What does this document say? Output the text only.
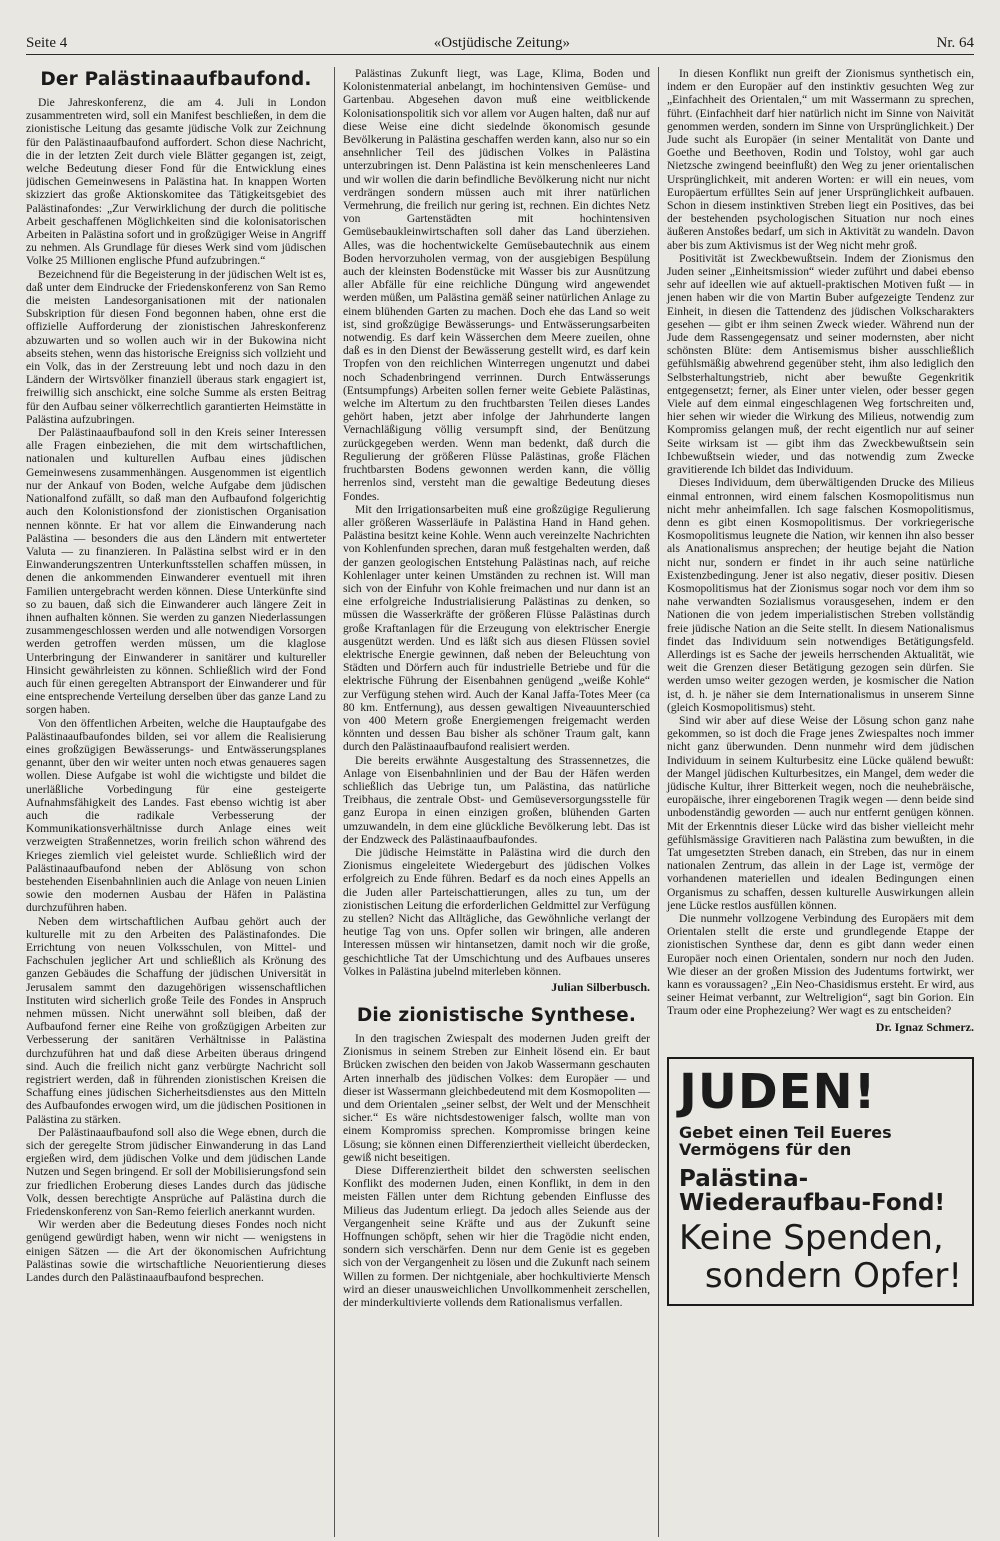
Seite 4	«Ostjüdische Zeitung»	Nr. 64
Der Palästinaaufbaufond.

Die Jahreskonferenz, die am 4. Juli in London zusammentreten wird, soll ein Manifest beschließen, in dem die zionistische Leitung das gesamte jüdische Volk zur Zeichnung für den Palästinaaufbaufond auffordert. Schon diese Nachricht, die in der letzten Zeit durch viele Blätter gegangen ist, zeigt, welche Bedeutung dieser Fond für die Entwicklung eines jüdischen Gemeinwesens in Palästina hat. In knappen Worten skizziert das große Aktionskomitee das Tätigkeitsgebiet des Palästinafondes: „Zur Verwirklichung der durch die politische Arbeit geschaffenen Möglichkeiten sind die kolonisatorischen Arbeiten in Palästina sofort und in großzügiger Weise in Angriff zu nehmen. Als Grundlage für dieses Werk sind vom jüdischen Volke 25 Millionen englische Pfund aufzubringen.“

Bezeichnend für die Begeisterung in der jüdischen Welt ist es, daß unter dem Eindrucke der Friedenskonferenz von San Remo die meisten Landesorganisationen mit der nationalen Subskription für diesen Fond begonnen haben, ohne erst die offizielle Aufforderung der zionistischen Jahreskonferenz abzuwarten und so wollen auch wir in der Bukowina nicht abseits stehen, wenn das historische Ereigniss sich vollzieht und ein Volk, das in der Zerstreuung lebt und noch dazu in den Ländern der Wirtsvölker finanziell überaus stark engagiert ist, freiwillig sich anschickt, eine solche Summe als ersten Beitrag für den Aufbau seiner völkerrechtlich garantierten Heimstätte in Palästina aufzubringen.

Der Palästinaaufbaufond soll in den Kreis seiner Interessen alle Fragen einbeziehen, die mit dem wirtschaftlichen, nationalen und kulturellen Aufbau eines jüdischen Gemeinwesens zusammenhängen. Ausgenommen ist eigentlich nur der Ankauf von Boden, welche Aufgabe dem jüdischen Nationalfond zufällt, so daß man den Aufbaufond folgerichtig auch den Kolonistionsfond der zionistischen Organisation nennen könnte. Er hat vor allem die Einwanderung nach Palästina — besonders die aus den Ländern mit entwerteter Valuta — zu finanzieren. In Palästina selbst wird er in den Einwanderungszentren Unterkunftsstellen schaffen müssen, in denen die ankommenden Einwanderer eventuell mit ihren Familien untergebracht werden können. Diese Unterkünfte sind so zu bauen, daß sich die Einwanderer auch längere Zeit in ihnen aufhalten können. Sie werden zu ganzen Niederlassungen zusammengeschlossen werden und alle notwendigen Vorsorgen werden getroffen werden müssen, um die klaglose Unterbringung der Einwanderer in sanitärer und kultureller Hinsicht gewährleisten zu können. Schließlich wird der Fond auch für einen geregelten Abtransport der Einwanderer und für eine entsprechende Verteilung derselben über das ganze Land zu sorgen haben.

Von den öffentlichen Arbeiten, welche die Hauptaufgabe des Palästinaaufbaufondes bilden, sei vor allem die Realisierung eines großzügigen Bewässerungs- und Entwässerungsplanes genannt, über den wir weiter unten noch etwas genaueres sagen wollen. Diese Aufgabe ist wohl die wichtigste und bildet die unerläßliche Vorbedingung für eine gesteigerte Aufnahmsfähigkeit des Landes. Fast ebenso wichtig ist aber auch die radikale Verbesserung der Kommunikationsverhältnisse durch Anlage eines weit verzweigten Straßennetzes, worin freilich schon während des Krieges ziemlich viel geleistet wurde. Schließlich wird der Palästinaaufbaufond neben der Ablösung von schon bestehenden Eisenbahnlinien auch die Anlage von neuen Linien sowie den modernen Ausbau der Häfen in Palästina durchzuführen haben.

Neben dem wirtschaftlichen Aufbau gehört auch der kulturelle mit zu den Arbeiten des Palästinafondes. Die Errichtung von neuen Volksschulen, von Mittel- und Fachschulen jeglicher Art und schließlich als Krönung des ganzen Gebäudes die Schaffung der jüdischen Universität in Jerusalem sammt den dazugehörigen wissenschaftlichen Instituten wird sicherlich große Teile des Fondes in Anspruch nehmen müssen. Nicht unerwähnt soll bleiben, daß der Aufbaufond ferner eine Reihe von großzügigen Arbeiten zur Verbesserung der sanitären Verhältnisse in Palästina durchzuführen hat und daß diese Arbeiten überaus dringend sind. Auch die freilich nicht ganz verbürgte Nachricht soll registriert werden, daß in führenden zionistischen Kreisen die Schaffung eines jüdischen Sicherheitsdienstes aus den Mitteln des Aufbaufondes erwogen wird, um die jüdischen Positionen in Palästina zu stärken.

Der Palästinaaufbaufond soll also die Wege ebnen, durch die sich der geregelte Strom jüdischer Einwanderung in das Land ergießen wird, dem jüdischen Volke und dem jüdischen Lande Nutzen und Segen bringend. Er soll der Mobilisierungsfond sein zur friedlichen Eroberung dieses Landes durch das jüdische Volk, dessen berechtigte Ansprüche auf Palästina durch die Friedenskonferenz von San-Remo feierlich anerkannt wurden.

Wir werden aber die Bedeutung dieses Fondes noch nicht genügend gewürdigt haben, wenn wir nicht — wenigstens in einigen Sätzen — die Art der ökonomischen Aufrichtung Palästinas sowie die wirtschaftliche Neuorientierung dieses Landes durch den Palästinaaufbaufond besprechen.

Palästinas Zukunft liegt, was Lage, Klima, Boden und Kolonistenmaterial anbelangt, im hochintensiven Gemüse- und Gartenbau. Abgesehen davon muß eine weitblickende Kolonisationspolitik sich vor allem vor Augen halten, daß nur auf diese Weise eine dicht siedelnde ökonomisch gesunde Bevölkerung in Palästina geschaffen werden kann, also nur so ein ansehnlicher Teil des jüdischen Volkes in Palästina unterzubringen ist. Denn Palästina ist kein menschenleeres Land und wir wollen die darin befindliche Bevölkerung nicht nur nicht verdrängen sondern müssen auch mit ihrer natürlichen Vermehrung, die freilich nur gering ist, rechnen. Ein dichtes Netz von Gartenstädten mit hochintensiven Gemüsebaukleinwirtschaften soll daher das Land überziehen. Alles, was die hochentwickelte Gemüsebautechnik aus einem Boden hervorzuholen vermag, von der ausgiebigen Bespülung auch der kleinsten Bodenstücke mit Wasser bis zur Ausnützung aller Abfälle für eine reichliche Düngung wird angewendet werden müßen, um Palästina gemäß seiner natürlichen Anlage zu einem blühenden Garten zu machen. Doch ehe das Land so weit ist, sind großzügige Bewässerungs- und Entwässerungsarbeiten notwendig. Es darf kein Wässerchen dem Meere zueilen, ohne daß es in den Dienst der Bewässerung gestellt wird, es darf kein Tropfen von den reichlichen Winterregen ungenutzt und dabei noch Schadenbringend verrinnen. Durch Entwässerungs (Entsumpfungs) Arbeiten sollen ferner weite Gebiete Palästinas, welche im Altertum zu den fruchtbarsten Teilen dieses Landes gehört haben, jetzt aber infolge der Jahrhunderte langen Vernachläßigung völlig versumpft sind, der Benützung zurückgegeben werden. Wenn man bedenkt, daß durch die Regulierung der größeren Flüsse Palästinas, große Flächen fruchtbarsten Bodens gewonnen werden kann, die völlig herrenlos sind, versteht man die gewaltige Bedeutung dieses Fondes.

Mit den Irrigationsarbeiten muß eine großzügige Regulierung aller größeren Wasserläufe in Palästina Hand in Hand gehen. Palästina besitzt keine Kohle. Wenn auch vereinzelte Nachrichten von Kohlenfunden sprechen, daran muß festgehalten werden, daß der ganzen geologischen Entstehung Palästinas nach, auf reiche Kohlenlager unter keinen Umständen zu rechnen ist. Will man sich von der Einfuhr von Kohle freimachen und nur dann ist an eine erfolgreiche Industrialisierung Palästinas zu denken, so müssen die Wasserkräfte der größeren Flüsse Palästinas durch große Kraftanlagen für die Erzeugung von elektrischer Energie ausgenützt werden. Und es läßt sich aus diesen Flüssen soviel elektrische Energie gewinnen, daß neben der Beleuchtung von Städten und Dörfern auch für industrielle Betriebe und für die elektrische Führung der Eisenbahnen genügend „weiße Kohle“ zur Verfügung stehen wird. Auch der Kanal Jaffa-Totes Meer (ca 80 km. Entfernung), aus dessen gewaltigen Niveauunterschied von 400 Metern große Energiemengen freigemacht werden könnten und dessen Bau bisher als schöner Traum galt, kann durch den Palästinaaufbaufond realisiert werden.

Die bereits erwähnte Ausgestaltung des Strassennetzes, die Anlage von Eisenbahnlinien und der Bau der Häfen werden schließlich das Uebrige tun, um Palästina, das natürliche Treibhaus, die zentrale Obst- und Gemüseversorgungsstelle für ganz Europa in einen einzigen großen, blühenden Garten umzuwandeln, in dem eine glückliche Bevölkerung lebt. Das ist der Endzweck des Palästinaaufbaufondes.

Die jüdische Heimstätte in Palästina wird die durch den Zionismus eingeleitete Wiedergeburt des jüdischen Volkes erfolgreich zu Ende führen. Bedarf es da noch eines Appells an die Juden aller Parteischattierungen, alles zu tun, um der zionistischen Leitung die erforderlichen Geldmittel zur Verfügung zu stellen? Nicht das Alltägliche, das Gewöhnliche verlangt der heutige Tag von uns. Opfer sollen wir bringen, alle anderen Interessen müssen wir hintansetzen, damit noch wir die große, geschichtliche Tat der Umschichtung und des Aufbaues unseres Volkes in Palästina jubelnd miterleben können.

Julian Silberbusch.
Die zionistische Synthese.

In den tragischen Zwiespalt des modernen Juden greift der Zionismus in seinem Streben zur Einheit lösend ein. Er baut Brücken zwischen den beiden von Jakob Wassermann geschauten Arten innerhalb des jüdischen Volkes: dem Europäer — und dieser ist Wassermann gleichbedeutend mit dem Kosmopoliten — und dem Orientalen „seiner selbst, der Welt und der Menschheit sicher.“ Es wäre nichtsdestoweniger falsch, wollte man von einem Kompromiss sprechen. Kompromisse bringen keine Lösung; sie können einen Differenziertheit vielleicht überdecken, gewiß nicht beseitigen.

Diese Differenziertheit bildet den schwersten seelischen Konflikt des modernen Juden, einen Konflikt, in dem in den meisten Fällen unter dem Richtung gebenden Einflusse des Milieus das Judentum erliegt. Da jedoch alles Seiende aus der Vergangenheit seine Kräfte und aus der Zukunft seine Hoffnungen schöpft, sehen wir hier die Tragödie nicht enden, sondern sich verschärfen. Denn nur dem Genie ist es gegeben sich von der Vergangenheit zu lösen und die Zukunft nach seinem Willen zu formen. Der nichtgeniale, aber hochkultivierte Mensch wird an dieser unausweichlichen Unvollkommenheit zerschellen, der minderkultivierte vollends dem Rationalismus verfallen.

In diesen Konflikt nun greift der Zionismus synthetisch ein, indem er den Europäer auf den instinktiv gesuchten Weg zur „Einfachheit des Orientalen,“ um mit Wassermann zu sprechen, führt. (Einfachheit darf hier natürlich nicht im Sinne von Naivität genommen werden, sondern im Sinne von Ursprünglichkeit.) Der Jude sucht als Europäer (in seiner Mentalität von Dante und Goethe und Beethoven, Rodin und Tolstoy, wohl gar auch Nietzsche zwingend beeinflußt) den Weg zu jener orientalischen Ursprünglichkeit, mit anderen Worten: er will ein neues, vom Europäertum erfülltes Sein auf jener Ursprünglichkeit aufbauen. Schon in diesem instinktiven Streben liegt ein Positives, das bei der bestehenden psychologischen Situation nur noch eines äußeren Anstoßes bedarf, um sich in Aktivität zu wandeln. Davon aber bis zum Aktivismus ist der Weg nicht mehr groß.

Positivität ist Zweckbewußtsein. Indem der Zionismus den Juden seiner „Einheitsmission“ wieder zuführt und dabei ebenso sehr auf ideellen wie auf aktuell-praktischen Motiven fußt — in jenen haben wir die von Martin Buber aufgezeigte Tendenz zur Einheit, in diesen die Tattendenz des jüdischen Volkscharakters gesehen — gibt er ihm seinen Zweck wieder. Während nun der Jude dem Rassengegensatz und seiner modernsten, aber nicht schönsten Blüte: dem Antisemismus bisher ausschließlich gefühlsmäßig abwehrend gegenüber steht, ihm also lediglich den Selbsterhaltungstrieb, nicht aber bewußte Gegenkritik entgegensetzt; ferner, als Einer unter vielen, oder besser gegen Viele auf dem einmal eingeschlagenen Weg fortschreiten und, hier sehen wir wieder die Wirkung des Milieus, notwendig zum Kompromiss gelangen muß, der recht eigentlich nur auf seiner Seite wirksam ist — gibt ihm das Zweckbewußtsein sein Ichbewußtsein wieder, und das notwendig zum Zwecke gravitierende Ich bildet das Individuum.

Dieses Individuum, dem überwältigenden Drucke des Milieus einmal entronnen, wird einem falschen Kosmopolitismus nun nicht mehr anheimfallen. Ich sage falschen Kosmopolitismus, denn es gibt einen Kosmopolitismus. Der vorkriegerische Kosmopolitismus leugnete die Nation, wir kennen ihn also besser als Anationalismus ansprechen; der heutige bejaht die Nation nicht nur, sondern er findet in ihr auch seine natürliche Existenzbedingung. Jener ist also negativ, dieser positiv. Diesen Kosmopolitismus hat der Zionismus sogar noch vor dem ihm so nahe verwandten Sozialismus vorausgesehen, indem er den Nationen die von jedem imperialistischen Streben vollständig freie jüdische Nation an die Seite stellt. In diesem Nationalismus findet das Individuum sein notwendiges Betätigungsfeld. Allerdings ist es Sache der jeweils herrschenden Aktualität, wie weit die Grenzen dieser Betätigung gezogen sein dürfen. Sie werden umso weiter gezogen werden, je kosmischer die Nation ist, d. h. je näher sie dem Internationalismus in unserem Sinne (gleich Kosmopolitismus) steht.

Sind wir aber auf diese Weise der Lösung schon ganz nahe gekommen, so ist doch die Frage jenes Zwiespaltes noch immer nicht ganz überwunden. Denn nunmehr wird dem jüdischen Individuum in seinem Kulturbesitz eine Lücke quälend bewußt: der Mangel jüdischen Kulturbesitzes, ein Mangel, dem weder die jüdische Kultur, ihrer Bitterkeit wegen, noch die neuhebräische, europäische, ihrer eingeborenen Tragik wegen — denn beide sind unbodenständig geworden — auch nur entfernt genügen können. Mit der Erkenntnis dieser Lücke wird das bisher vielleicht mehr gefühlsmässige Gravitieren nach Palästina zum bewußten, in die Tat umgesetzten Streben danach, ein Streben, das nur in einem nationalen Zentrum, das allein in der Lage ist, vermöge der vorhandenen materiellen und idealen Bedingungen einen Organismus zu schaffen, dessen kulturelle Auswirkungen allein jene Lücke restlos ausfüllen können.

Die nunmehr vollzogene Verbindung des Europäers mit dem Orientalen stellt die erste und grundlegende Etappe der zionistischen Synthese dar, denn es gibt dann weder einen Europäer noch einen Orientalen, sondern nur noch den Juden. Wie dieser an der großen Mission des Judentums fortwirkt, wer kann es voraussagen? „Ein Neo-Chasidismus ersteht. Er wird, aus seiner Heimat verbannt, zur Weltreligion“, sagt bin Gorion. Ein Traum oder eine Prophezeiung? Wer wagt es zu entscheiden?

Dr. Ignaz Schmerz.
JUDEN!
Gebet einen Teil Eueres Vermögens für den
Palästina-Wiederaufbau-Fond!
Keine Spenden,
sondern Opfer!
